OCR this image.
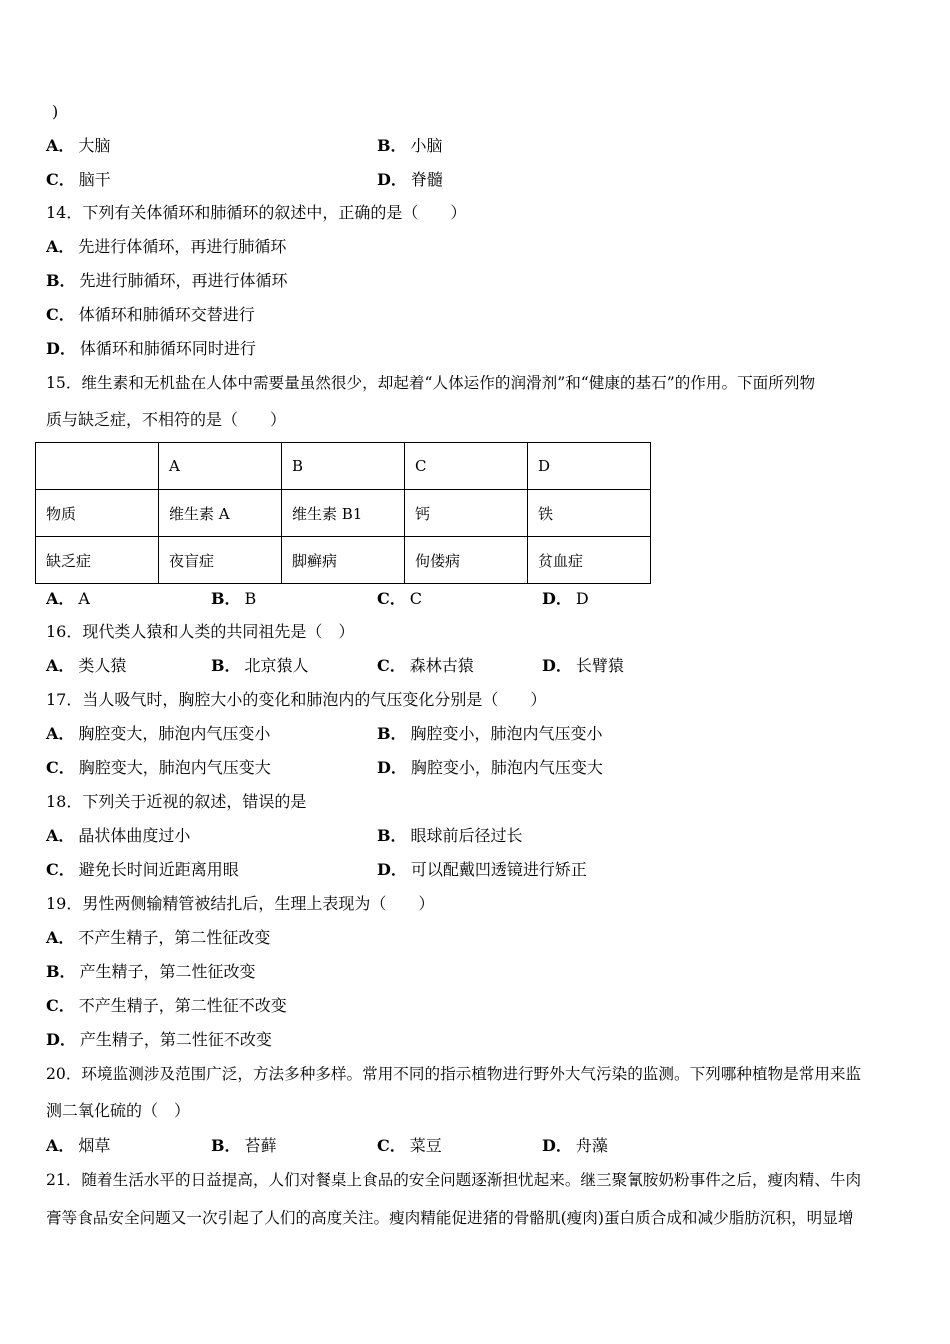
)
A． 大脑	B． 小脑
C． 脑干	D． 脊髓
14．下列有关体循环和肺循环的叙述中，正确的是（　　）
A． 先进行体循环，再进行肺循环
B． 先进行肺循环，再进行体循环
C． 体循环和肺循环交替进行
D． 体循环和肺循环同时进行
15．维生素和无机盐在人体中需要量虽然很少，却起着“人体运作的润滑剂”和“健康的基石”的作用。下面所列物
质与缺乏症，不相符的是（　　）
	A	B	C	D
物质	维生素 A	维生素 B1	钙	铁
缺乏症	夜盲症	脚癣病	佝偻病	贫血症
A． A	B． B	C． C	D． D
16．现代类人猿和人类的共同祖先是（　）
A． 类人猿	B． 北京猿人	C． 森林古猿	D． 长臂猿
17．当人吸气时，胸腔大小的变化和肺泡内的气压变化分别是（　　）
A． 胸腔变大，肺泡内气压变小	B． 胸腔变小，肺泡内气压变小
C． 胸腔变大，肺泡内气压变大	D． 胸腔变小，肺泡内气压变大
18．下列关于近视的叙述，错误的是
A． 晶状体曲度过小	B． 眼球前后径过长
C． 避免长时间近距离用眼	D． 可以配戴凹透镜进行矫正
19．男性两侧输精管被结扎后，生理上表现为（　　）
A． 不产生精子，第二性征改变
B． 产生精子，第二性征改变
C． 不产生精子，第二性征不改变
D． 产生精子，第二性征不改变
20．环境监测涉及范围广泛，方法多种多样。常用不同的指示植物进行野外大气污染的监测。下列哪种植物是常用来监
测二氧化硫的（　）
A． 烟草	B． 苔藓	C． 菜豆	D． 舟藻
21．随着生活水平的日益提高，人们对餐桌上食品的安全问题逐渐担忧起来。继三聚氰胺奶粉事件之后，瘦肉精、牛肉
膏等食品安全问题又一次引起了人们的高度关注。瘦肉精能促进猪的骨骼肌(瘦肉)蛋白质合成和减少脂肪沉积，明显增
